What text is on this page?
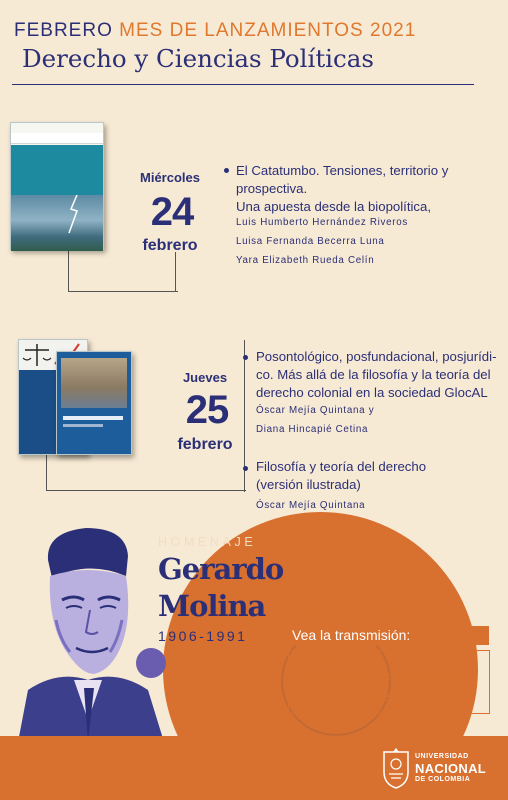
FEBRERO MES DE LANZAMIENTOS 2021
Derecho y Ciencias Políticas
Miércoles
24
febrero
El Catatumbo. Tensiones, territorio y
prospectiva.
Una apuesta desde la biopolítica,
Luis Humberto Hernández Riveros
Luisa Fernanda Becerra Luna
Yara Elizabeth Rueda Celín
Jueves
25
febrero
Posontológico, posfundacional, posjurídi-
co. Más allá de la filosofía y la teoría del
derecho colonial en la sociedad GlocAL
Óscar Mejía Quintana y
Diana Hincapié Cetina
Filosofía y teoría del derecho
(versión ilustrada)
Óscar Mejía Quintana
HOMENAJE
Gerardo
Molina
1906-1991
Hora: 5:00 p.m.
Vea la transmisión:
YouTube:
Universidad Nacional de Colombia
Facebook: @editorialu.n
UNIVERSIDAD
NACIONAL
DE COLOMBIA
